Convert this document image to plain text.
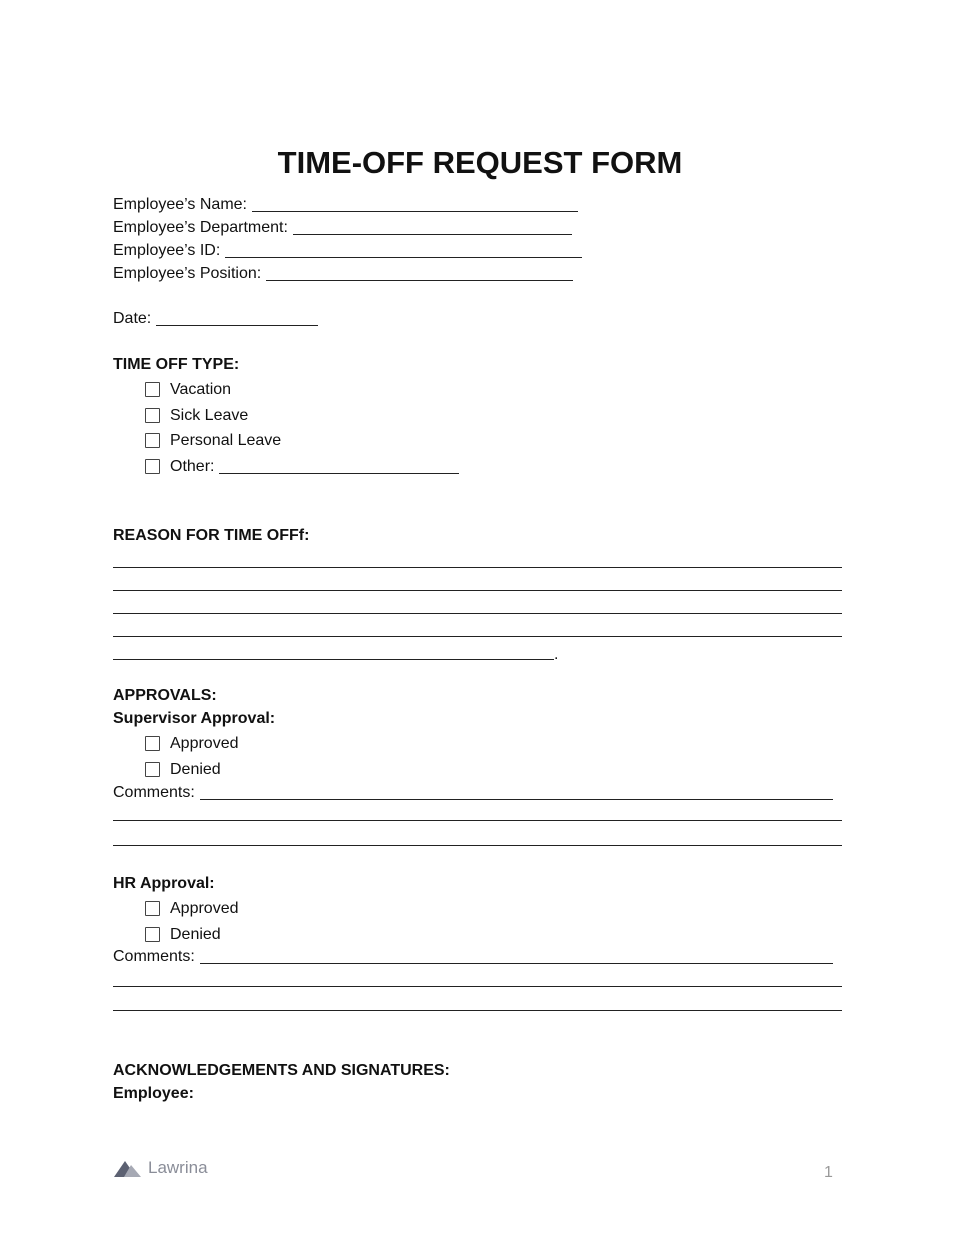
TIME-OFF REQUEST FORM
Employee’s Name:
Employee’s Department:
Employee’s ID:
Employee’s Position:
Date:
TIME OFF TYPE:
Vacation
Sick Leave
Personal Leave
Other:
REASON FOR TIME OFFf:
.
APPROVALS:
Supervisor Approval:
Approved
Denied
Comments:
HR Approval:
Approved
Denied
Comments:
ACKNOWLEDGEMENTS AND SIGNATURES:
Employee:
Lawrina	1
